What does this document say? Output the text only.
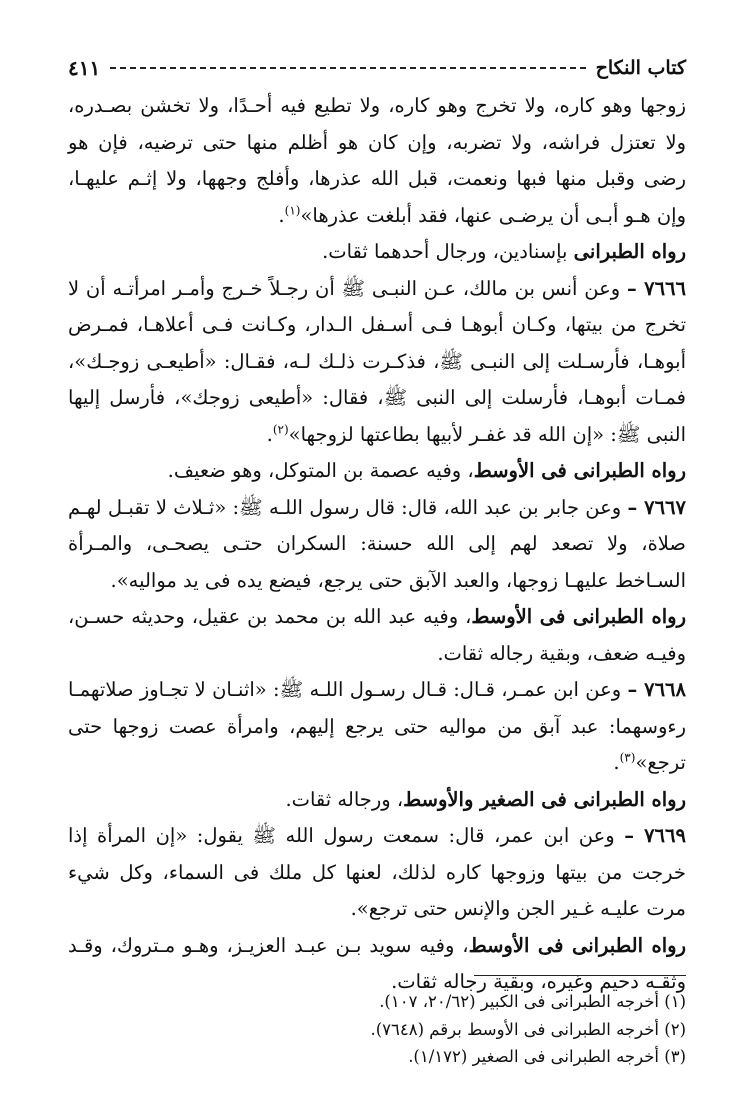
كتاب النكاح
٤١١

زوجها وهو كاره، ولا تخرج وهو كاره، ولا تطيع فيه أحـدًا، ولا تخشن بصـدره، ولا تعتزل فراشه، ولا تضربه، وإن كان هو أظلم منها حتى ترضيه، فإن هو رضى وقبل منها فبها ونعمت، قبل الله عذرها، وأفلج وجهها، ولا إثـم عليهـا، وإن هـو أبـى أن يرضـى عنها، فقد أبلغت عذرها»$^{(١)}$.

رواه الطبرانى بإسنادين، ورجال أحدهما ثقات.

٧٦٦٦ – وعن أنس بن مالك، عـن النبـى ﷺ أن رجـلاً خـرج وأمـر امرأتـه أن لا تخرج من بيتها، وكـان أبوهـا فـى أسـفل الـدار، وكـانت فـى أعلاهـا، فمـرض أبوهـا، فأرسـلت إلى النبـى ﷺ، فذكـرت ذلـك لـه، فقـال: «أطيعـى زوجـك»، فمـات أبوهـا، فأرسلت إلى النبى ﷺ، فقال: «أطيعى زوجك»، فأرسل إليها النبى ﷺ: «إن الله قد غفـر لأبيها بطاعتها لزوجها»$^{(٢)}$.

رواه الطبرانى فى الأوسط، وفيه عصمة بن المتوكل، وهو ضعيف.

٧٦٦٧ – وعن جابر بن عبد الله، قال: قال رسول اللـه ﷺ: «ثـلاث لا تقبـل لهـم صلاة، ولا تصعد لهم إلى الله حسنة: السكران حتـى يصحـى، والمـرأة السـاخط عليهـا زوجها، والعبد الآبق حتى يرجع، فيضع يده فى يد مواليه».

رواه الطبرانى فى الأوسط، وفيه عبد الله بن محمد بن عقيل، وحديثه حسـن، وفيـه ضعف، وبقية رجاله ثقات.

٧٦٦٨ – وعن ابن عمـر، قـال: قـال رسـول اللـه ﷺ: «اثنـان لا تجـاوز صلاتهمـا رءوسهما: عبد آبق من مواليه حتى يرجع إليهم، وامرأة عصت زوجها حتى ترجع»$^{(٣)}$.

رواه الطبرانى فى الصغير والأوسط، ورجاله ثقات.

٧٦٦٩ – وعن ابن عمر، قال: سمعت رسول الله ﷺ يقول: «إن المرأة إذا خرجت من بيتها وزوجها كاره لذلك، لعنها كل ملك فى السماء، وكل شيء مرت عليـه غـير الجن والإنس حتى ترجع».

رواه الطبرانى فى الأوسط، وفيه سويد بـن عبـد العزيـز، وهـو مـتروك، وقـد وثقـه دحيم وغيره، وبقية رجاله ثقات.

(١) أخرجه الطبرانى فى الكبير (٢٠/٦٢، ١٠٧).
(٢) أخرجه الطبرانى فى الأوسط برقم (٧٦٤٨).
(٣) أخرجه الطبرانى فى الصغير (١/١٧٢).
